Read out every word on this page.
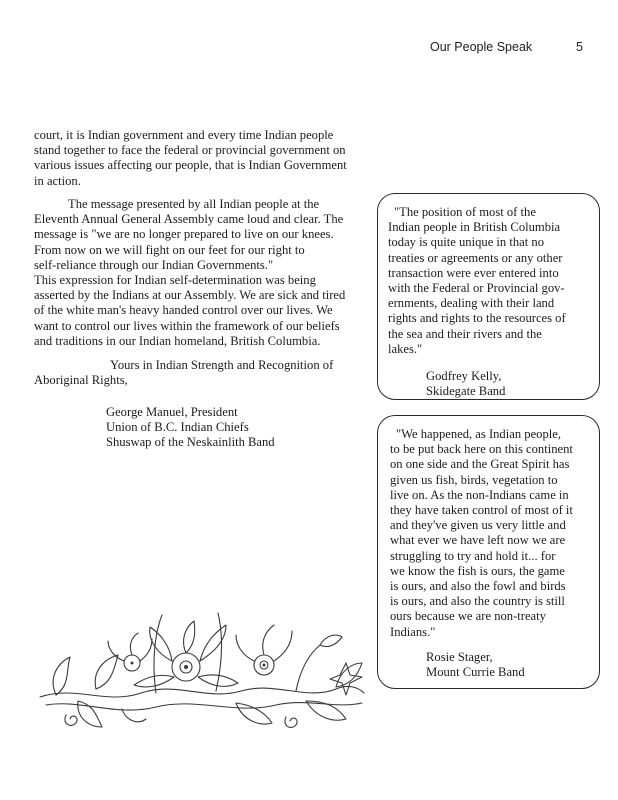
Our People Speak	5
court, it is Indian government and every time Indian people
stand together to face the federal or provincial government on
various issues affecting our people, that is Indian Government
in action.
The message presented by all Indian people at the
Eleventh Annual General Assembly came loud and clear. The
message is "we are no longer prepared to live on our knees.
From now on we will fight on our feet for our right to
self-reliance through our Indian Governments."
This expression for Indian self-determination was being
asserted by the Indians at our Assembly. We are sick and tired
of the white man's heavy handed control over our lives. We
want to control our lives within the framework of our beliefs
and traditions in our Indian homeland, British Columbia.
Yours in Indian Strength and Recognition of
Aboriginal Rights,
George Manuel, President
Union of B.C. Indian Chiefs
Shuswap of the Neskainlith Band
"The position of most of the
Indian people in British Columbia
today is quite unique in that no
treaties or agreements or any other
transaction were ever entered into
with the Federal or Provincial gov-
ernments, dealing with their land
rights and rights to the resources of
the sea and their rivers and the
lakes."
Godfrey Kelly,
Skidegate Band
"We happened, as Indian people,
to be put back here on this continent
on one side and the Great Spirit has
given us fish, birds, vegetation to
live on. As the non-Indians came in
they have taken control of most of it
and they've given us very little and
what ever we have left now we are
struggling to try and hold it... for
we know the fish is ours, the game
is ours, and also the fowl and birds
is ours, and also the country is still
ours because we are non-treaty
Indians."
Rosie Stager,
Mount Currie Band
